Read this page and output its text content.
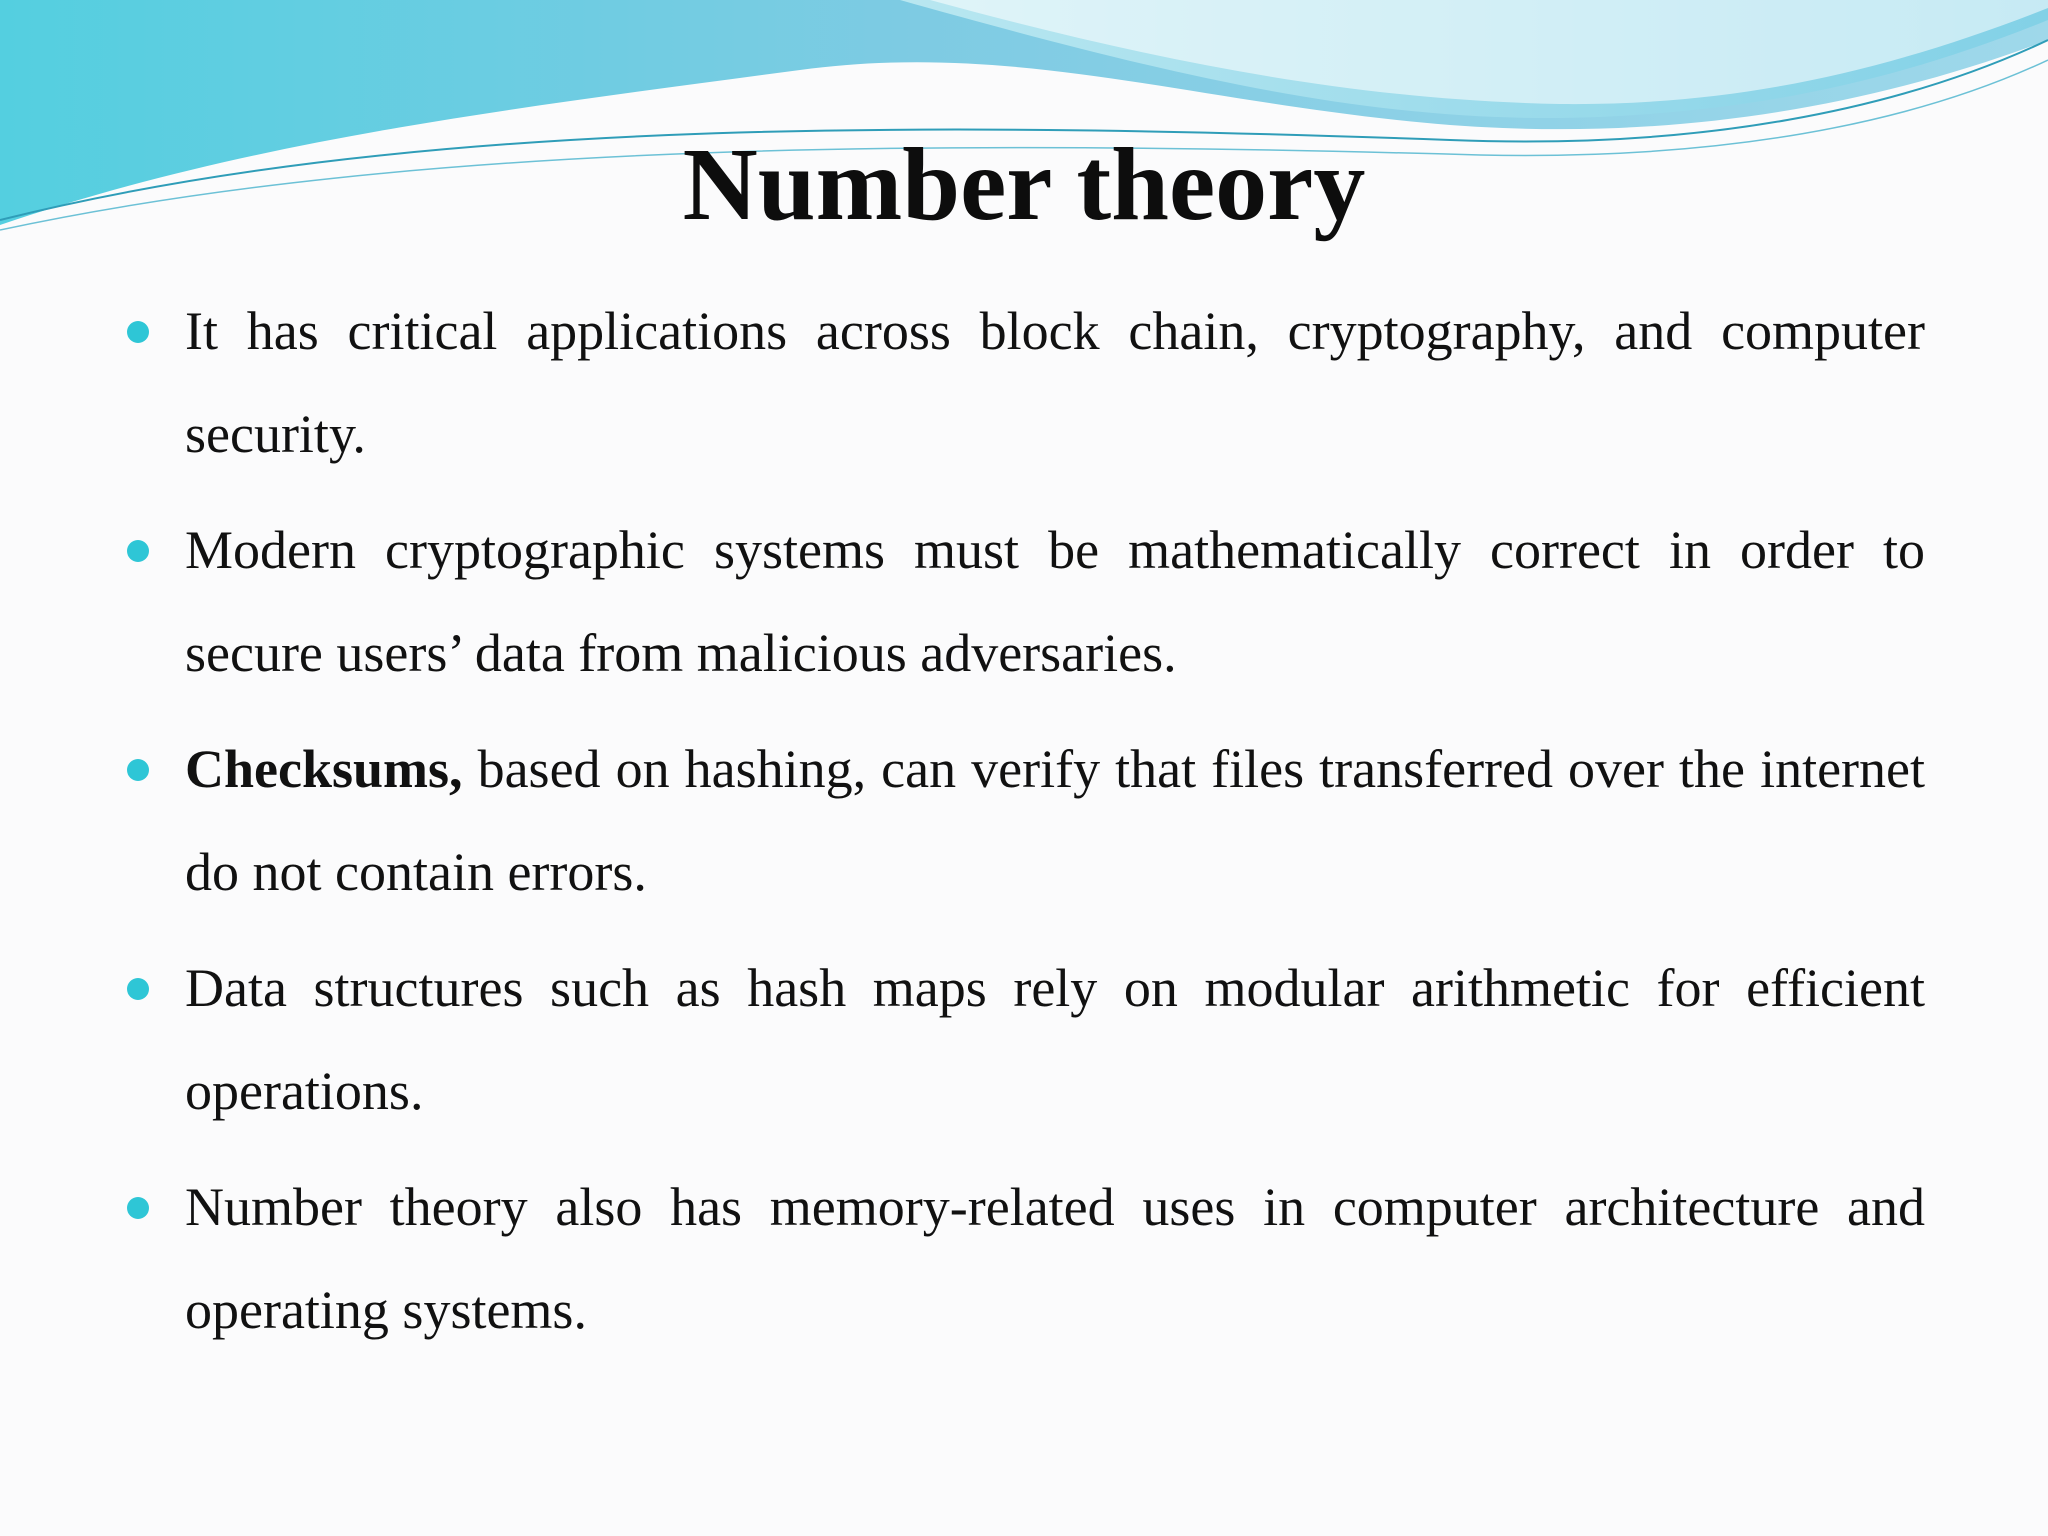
Number theory
It has critical applications across block chain, cryptography, and computer security.
Modern cryptographic systems must be mathematically correct in order to secure users’ data from malicious adversaries.
Checksums, based on hashing, can verify that files transferred over the internet do not contain errors.
Data structures such as hash maps rely on modular arithmetic for efficient operations.
Number theory also has memory-related uses in computer architecture and operating systems.
